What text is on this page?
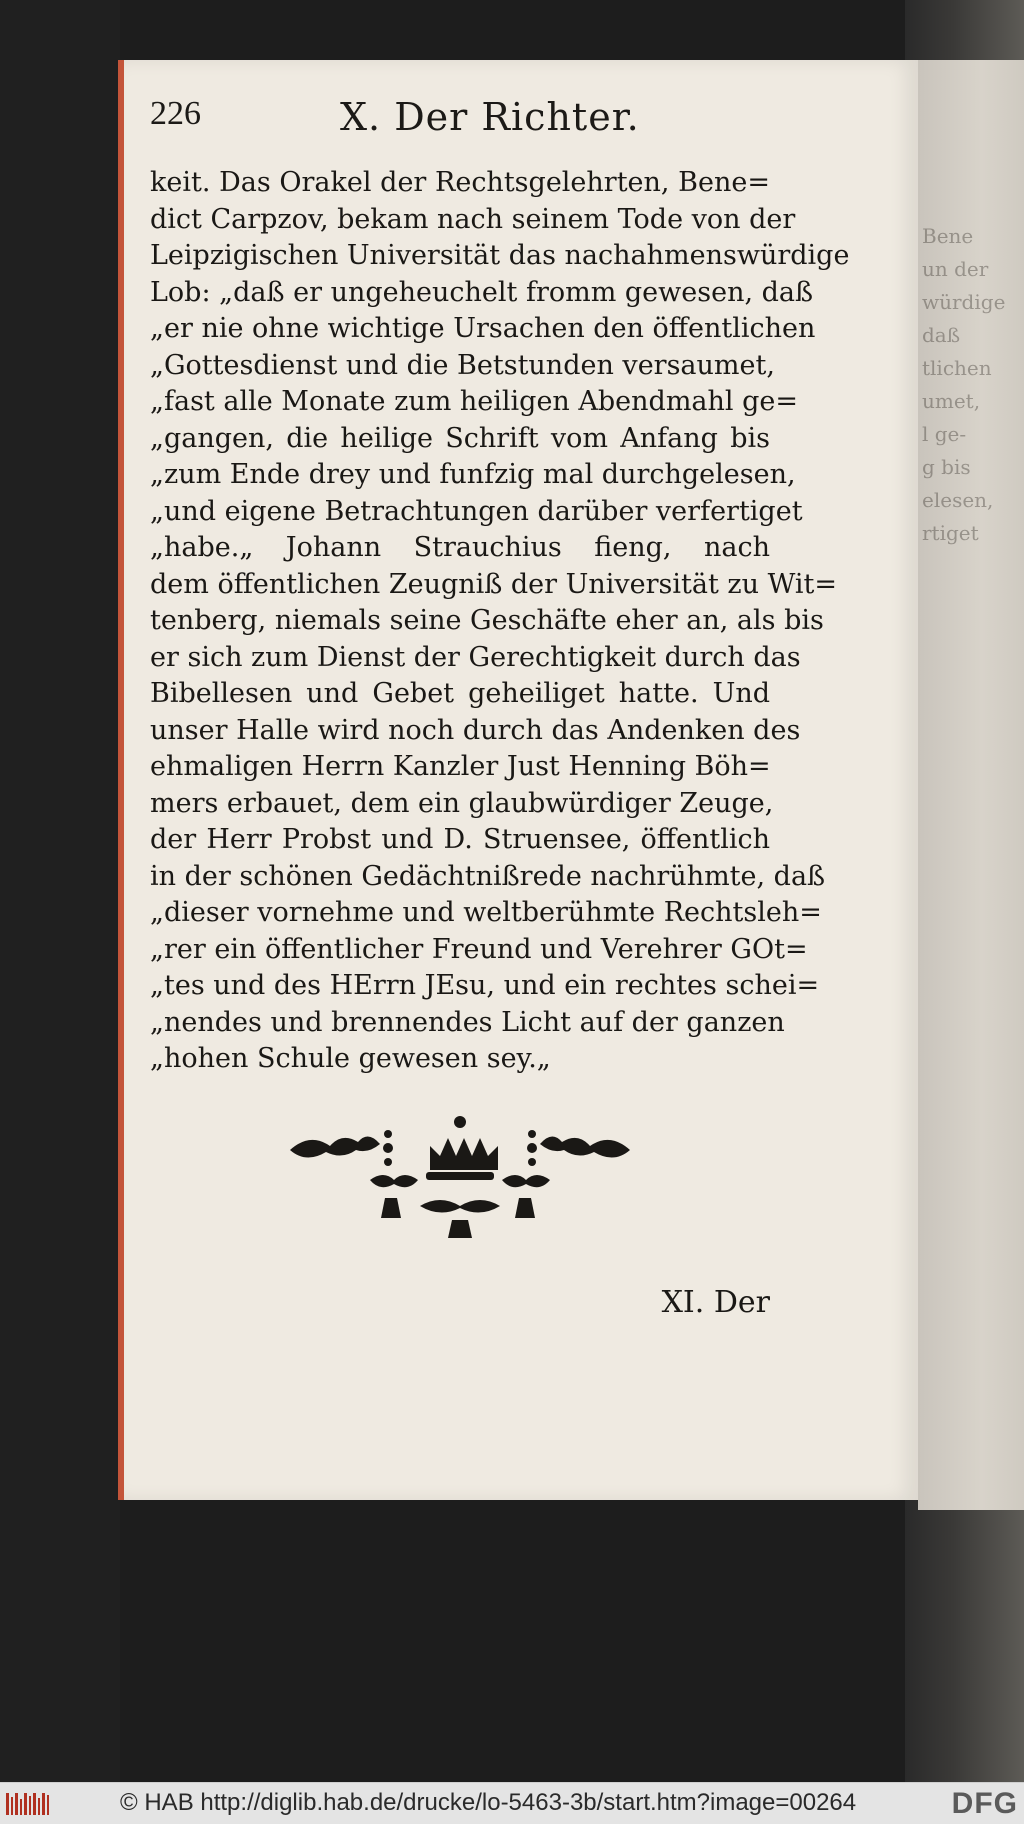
Bene
un der
würdige
daß
tlichen
umet,
l ge-
g bis
elesen,
rtiget
226	X. Der Richter.
keit. Das Orakel der Rechtsgelehrten, Bene=
dict Carpzov, bekam nach seinem Tode von der
Leipzigischen Universität das nachahmenswürdige
Lob: „daß er ungeheuchelt fromm gewesen, daß
„er nie ohne wichtige Ursachen den öffentlichen
„Gottesdienst und die Betstunden versaumet,
„fast alle Monate zum heiligen Abendmahl ge=
„gangen, die heilige Schrift vom Anfang bis
„zum Ende drey und funfzig mal durchgelesen,
„und eigene Betrachtungen darüber verfertiget
„habe.„ Johann Strauchius fieng, nach
dem öffentlichen Zeugniß der Universität zu Wit=
tenberg, niemals seine Geschäfte eher an, als bis
er sich zum Dienst der Gerechtigkeit durch das
Bibellesen und Gebet geheiliget hatte. Und
unser Halle wird noch durch das Andenken des
ehmaligen Herrn Kanzler Just Henning Böh=
mers erbauet, dem ein glaubwürdiger Zeuge,
der Herr Probst und D. Struensee, öffentlich
in der schönen Gedächtnißrede nachrühmte, daß
„dieser vornehme und weltberühmte Rechtsleh=
„rer ein öffentlicher Freund und Verehrer GOt=
„tes und des HErrn JEsu, und ein rechtes schei=
„nendes und brennendes Licht auf der ganzen
„hohen Schule gewesen sey.„
XI. Der
© HAB http://diglib.hab.de/drucke/lo-5463-3b/start.htm?image=00264	DFG
